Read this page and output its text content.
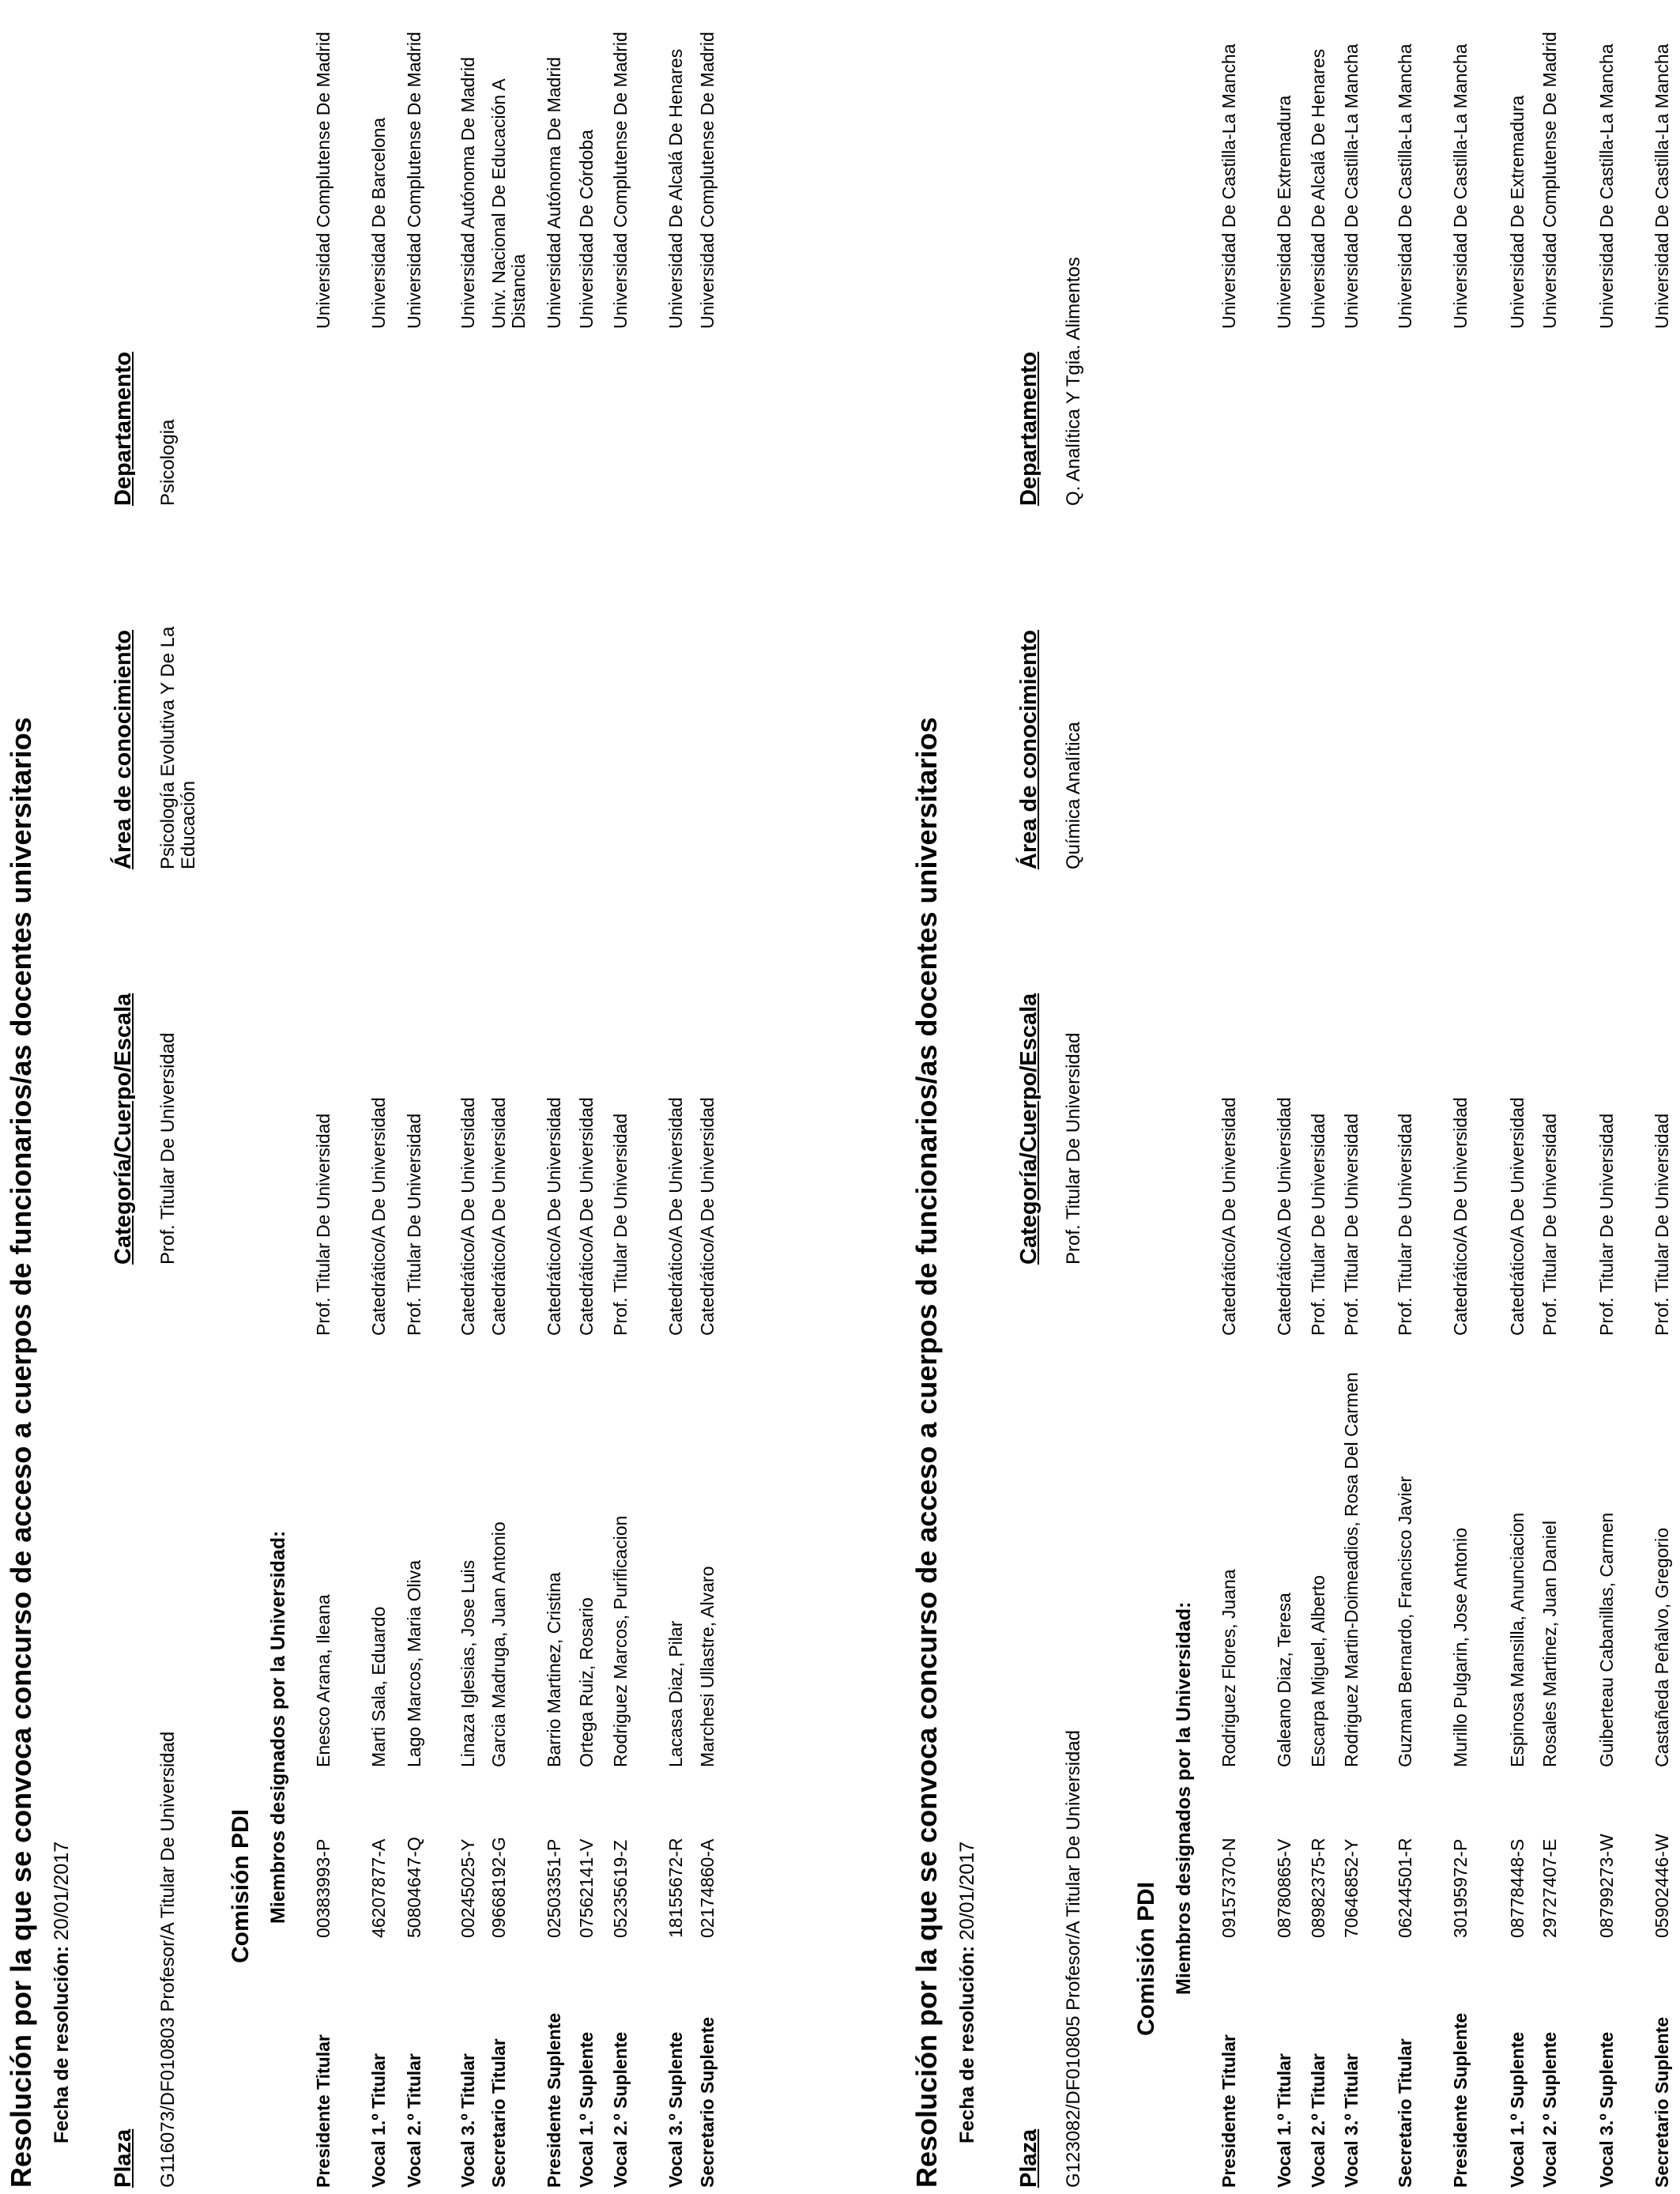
Resolución por la que se convoca concurso de acceso a cuerpos de funcionarios/as docentes universitarios Fecha de resolución: 20/01/2017
Plaza
Categoría/Cuerpo/Escala
Área de conocimiento
Departamento
G116073/DF010803 Profesor/A Titular De Universidad
Prof. Titular De Universidad
Psicología Evolutiva Y De La Educación
Psicologia
Comisión PDI Miembros designados por la Universidad:
Presidente Titular
00383993-P
Enesco Arana, Ileana
Prof. Titular De Universidad
Universidad Complutense De Madrid
Vocal 1.º Titular
46207877-A
Marti Sala, Eduardo
Catedrático/A De Universidad
Universidad De Barcelona
Vocal 2.º Titular
50804647-Q
Lago Marcos, Maria Oliva
Prof. Titular De Universidad
Universidad Complutense De Madrid
Vocal 3.º Titular
00245025-Y
Linaza Iglesias, Jose Luis
Catedrático/A De Universidad
Universidad Autónoma De Madrid
Secretario Titular
09668192-G
Garcia Madruga, Juan Antonio
Catedrático/A De Universidad
Univ. Nacional De Educación A Distancia
Presidente Suplente
02503351-P
Barrio Martinez, Cristina
Catedrático/A De Universidad
Universidad Autónoma De Madrid
Vocal 1.º Suplente
07562141-V
Ortega Ruiz, Rosario
Catedrático/A De Universidad
Universidad De Córdoba
Vocal 2.º Suplente
05235619-Z
Rodriguez Marcos, Purificacion
Prof. Titular De Universidad
Universidad Complutense De Madrid
Vocal 3.º Suplente
18155672-R
Lacasa Diaz, Pilar
Catedrático/A De Universidad
Universidad De Alcalá De Henares
Secretario Suplente
02174860-A
Marchesi Ullastre, Alvaro
Catedrático/A De Universidad
Universidad Complutense De Madrid
Resolución por la que se convoca concurso de acceso a cuerpos de funcionarios/as docentes universitarios Fecha de resolución: 20/01/2017
Plaza
Categoría/Cuerpo/Escala
Área de conocimiento
Departamento
G123082/DF010805 Profesor/A Titular De Universidad
Prof. Titular De Universidad
Química Analítica
Q. Analítica Y Tgia. Alimentos
Comisión PDI Miembros designados por la Universidad:
Presidente Titular
09157370-N
Rodriguez Flores, Juana
Catedrático/A De Universidad
Universidad De Castilla-La Mancha
Vocal 1.º Titular
08780865-V
Galeano Diaz, Teresa
Catedrático/A De Universidad
Universidad De Extremadura
Vocal 2.º Titular
08982375-R
Escarpa Miguel, Alberto
Prof. Titular De Universidad
Universidad De Alcalá De Henares
Vocal 3.º Titular
70646852-Y
Rodriguez Martin-Doimeadios, Rosa Del Carmen
Prof. Titular De Universidad
Universidad De Castilla-La Mancha
Secretario Titular
06244501-R
Guzman Bernardo, Francisco Javier
Prof. Titular De Universidad
Universidad De Castilla-La Mancha
Presidente Suplente
30195972-P
Murillo Pulgarin, Jose Antonio
Catedrático/A De Universidad
Universidad De Castilla-La Mancha
Vocal 1.º Suplente
08778448-S
Espinosa Mansilla, Anunciacion
Catedrático/A De Universidad
Universidad De Extremadura
Vocal 2.º Suplente
29727407-E
Rosales Martinez, Juan Daniel
Prof. Titular De Universidad
Universidad Complutense De Madrid
Vocal 3.º Suplente
08799273-W
Guiberteau Cabanillas, Carmen
Prof. Titular De Universidad
Universidad De Castilla-La Mancha
Secretario Suplente
05902446-W
Castañeda Peñalvo, Gregorio
Prof. Titular De Universidad
Universidad De Castilla-La Mancha
